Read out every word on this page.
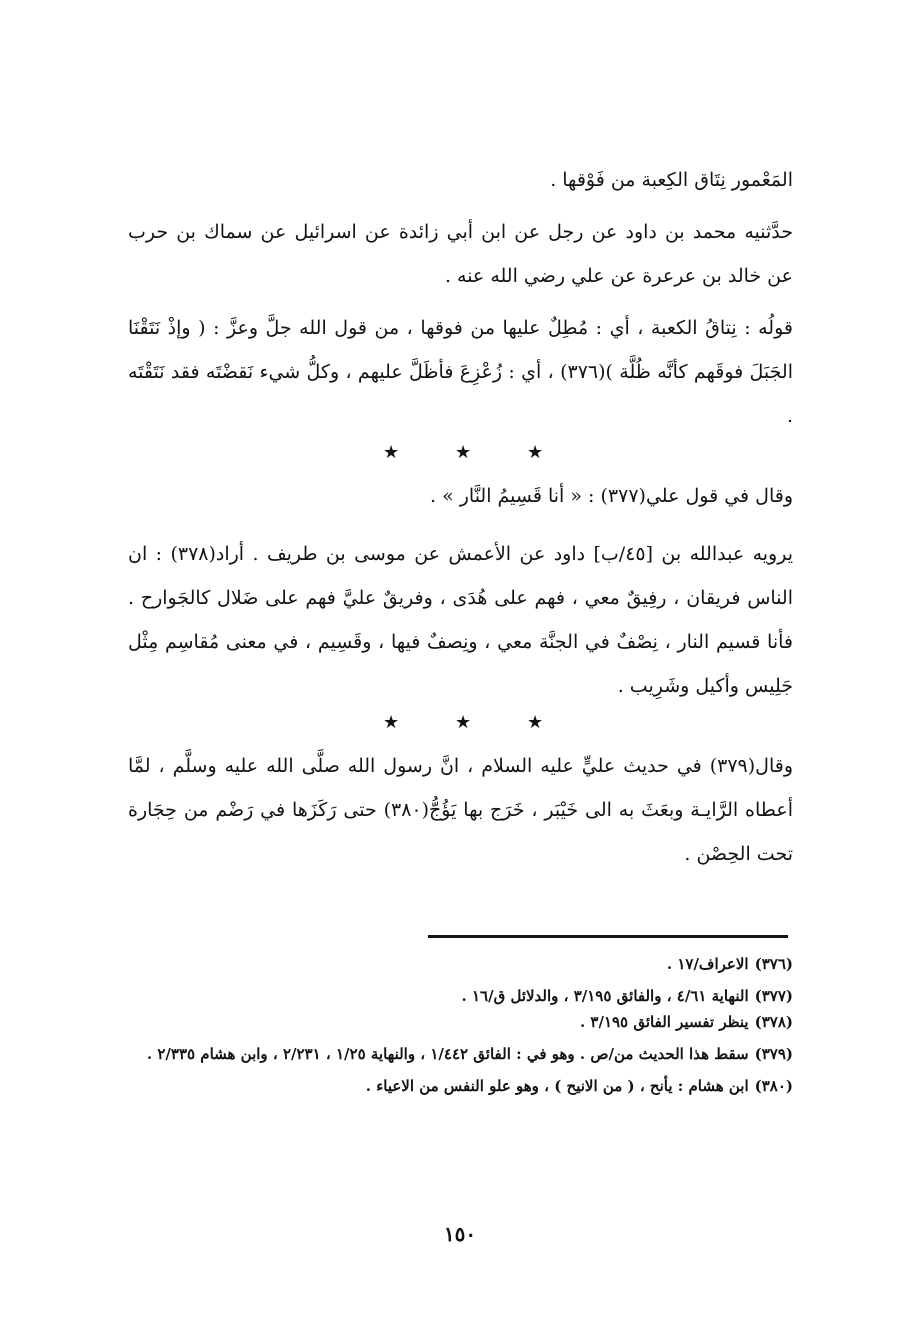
المَعْمور نِتَاق الكِعبة من فَوْقها .

حدَّثنيه محمد بن داود عن رجل عن ابن أبي زائدة عن اسرائيل عن سماك بن حرب عن خالد بن عرعرة عن علي رضي الله عنه .

قولُه : نِتاقُ الكعبة ، أي : مُطِلٌ عليها من فوقها ، من قول الله جلَّ وعزَّ : ( وإذْ نَتَقْنَا الجَبَلَ فوقَهم كأنَّه ظُلَّة )(٣٧٦) ، أي : زُعْزِعَ فأظَلَّ عليهم ، وكلُّ شيء نَقضْتَه فقد نَتَقْتَه .

★	★	★

وقال في قول علي(٣٧٧) : « أنا قَسِيمُ النَّار » .

يرويه عبدالله بن [٤٥/ب] داود عن الأعمش عن موسى بن طريف . أراد(٣٧٨) : ان الناس فريقان ، رفِيقٌ معي ، فهم على هُدَى ، وفريقٌ عليَّ فهم على ضَلال كالجَوارح . فأنا قسيم النار ، نِصْفٌ في الجنَّة معي ، ونِصفٌ فيها ، وقَسِيم ، في معنى مُقاسِم مِثْل جَلِيس وأكيل وشَرِيب .

★	★	★

وقال(٣٧٩) في حديث عليٍّ عليه السلام ، انَّ رسول الله صلَّى الله عليه وسلَّم ، لمَّا أعطاه الرَّايـة وبعَثَ به الى خَيْبَر ، خَرَج بها يَؤُجُّ(٣٨٠) حتى رَكَزَها في رَضْم من حِجَارة تحت الحِصْن .

(٣٧٦)الاعراف/١٧ .

(٣٧٧)النهاية ٤/٦١ ، والفائق ٣/١٩٥ ، والدلائل ق/١٦ .

(٣٧٨)ينظر تفسير الفائق ٣/١٩٥ .

(٣٧٩)سقط هذا الحديث من/ص . وهو في : الفائق ١/٤٤٢ ، والنهاية ١/٢٥ ، ٢/٢٣١ ، وابن هشام ٢/٣٣٥ .

(٣٨٠)ابن هشام : يأنح ، ( من الانيح ) ، وهو علو النفس من الاعياء .

١٥٠
